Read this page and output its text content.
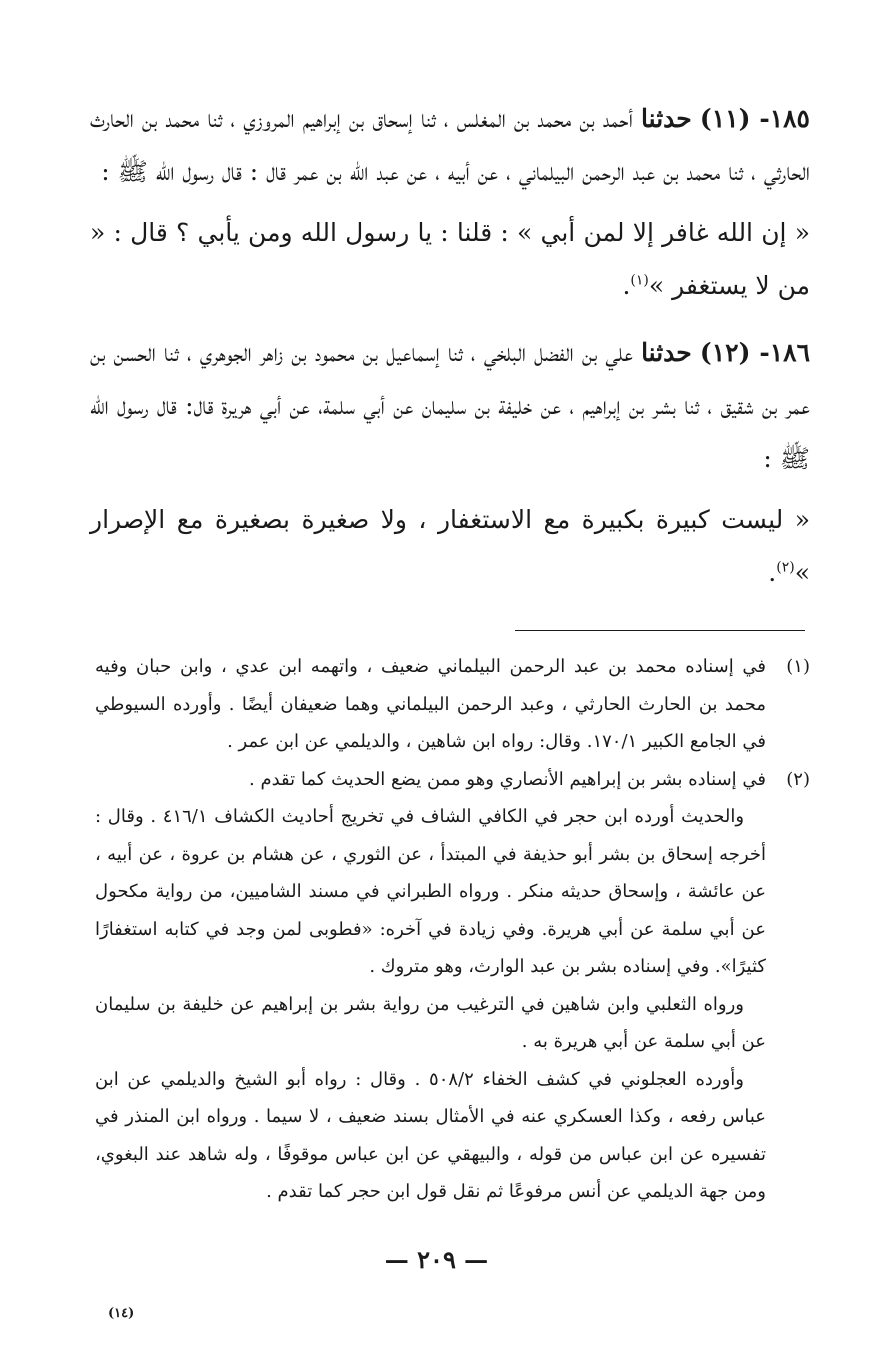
١٨٥- (١١) حدثنا أحمد بن محمد بن المغلس ، ثنا إسحاق بن إبراهيم المروزي ، ثنا محمد بن الحارث الحارثي ، ثنا محمد بن عبد الرحمن البيلماني ، عن أبيه ، عن عبد الله بن عمر قال : قال رسول الله ﷺ :

« إن الله غافر إلا لمن أبي » : قلنا : يا رسول الله ومن يأبي ؟ قال : « من لا يستغفر »$^{(١)}$.

١٨٦- (١٢) حدثنا علي بن الفضل البلخي ، ثنا إسماعيل بن محمود بن زاهر الجوهري ، ثنا الحسن بن عمر بن شقيق ، ثنا بشر بن إبراهيم ، عن خليفة بن سليمان عن أبي سلمة، عن أبي هريرة قال: قال رسول الله ﷺ :

« ليست كبيرة بكبيرة مع الاستغفار ، ولا صغيرة بصغيرة مع الإصرار »$^{(٢)}$.

(١)
في إسناده محمد بن عبد الرحمن البيلماني ضعيف ، واتهمه ابن عدي ، وابن حبان وفيه محمد بن الحارث الحارثي ، وعبد الرحمن البيلماني وهما ضعيفان أيضًا . وأورده السيوطي في الجامع الكبير ١٧٠/١. وقال: رواه ابن شاهين ، والديلمي عن ابن عمر .
(٢)
في إسناده بشر بن إبراهيم الأنصاري وهو ممن يضع الحديث كما تقدم .
والحديث أورده ابن حجر في الكافي الشاف في تخريج أحاديث الكشاف ٤١٦/١ . وقال : أخرجه إسحاق بن بشر أبو حذيفة في المبتدأ ، عن الثوري ، عن هشام بن عروة ، عن أبيه ، عن عائشة ، وإسحاق حديثه منكر . ورواه الطبراني في مسند الشاميين، من رواية مكحول عن أبي سلمة عن أبي هريرة. وفي زيادة في آخره: «فطوبى لمن وجد في كتابه استغفارًا كثيرًا». وفي إسناده بشر بن عبد الوارث، وهو متروك .
ورواه الثعلبي وابن شاهين في الترغيب من رواية بشر بن إبراهيم عن خليفة بن سليمان عن أبي سلمة عن أبي هريرة به .
وأورده العجلوني في كشف الخفاء ٥٠٨/٢ . وقال : رواه أبو الشيخ والديلمي عن ابن عباس رفعه ، وكذا العسكري عنه في الأمثال بسند ضعيف ، لا سيما . ورواه ابن المنذر في تفسيره عن ابن عباس من قوله ، والبيهقي عن ابن عباس موقوفًا ، وله شاهد عند البغوي، ومن جهة الديلمي عن أنس مرفوعًا ثم نقل قول ابن حجر كما تقدم .
— ٢٠٩ —
(١٤)
